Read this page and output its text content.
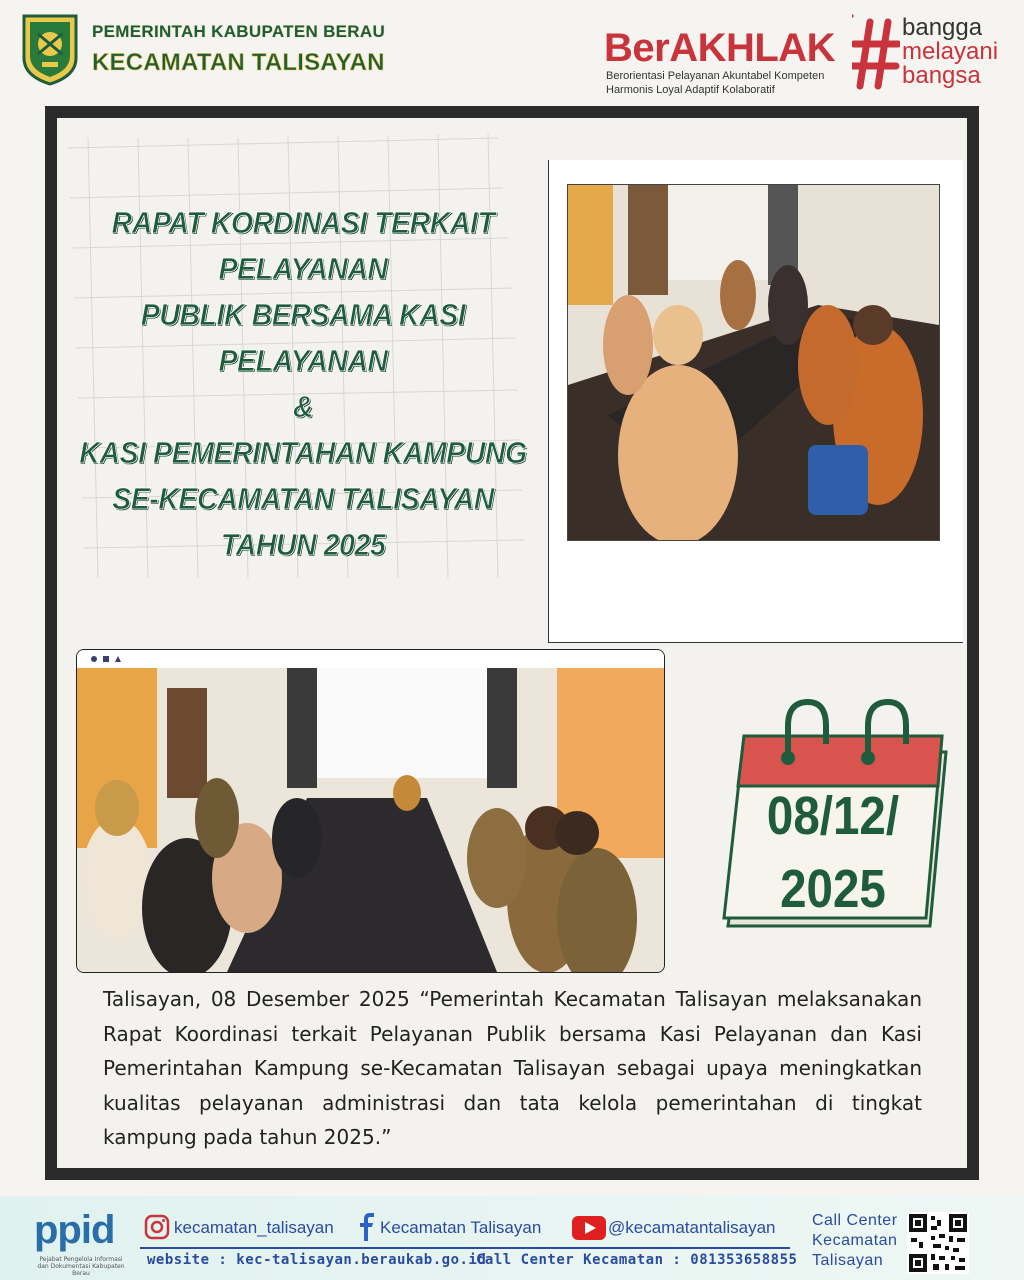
PEMERINTAH KABUPATEN BERAU
KECAMATAN TALISAYAN	BerAKHLAK
Berorientasi Pelayanan Akuntabel Kompeten
Harmonis Loyal Adaptif Kolaboratif
bangga
melayani
bangsa
RAPAT KORDINASI TERKAIT PELAYANAN
PUBLIK BERSAMA KASI PELAYANAN
&
KASI PEMERINTAHAN KAMPUNG
SE-KECAMATAN TALISAYAN
TAHUN 2025
08/12/
2025
Talisayan, 08 Desember 2025 “Pemerintah Kecamatan Talisayan melaksanakan Rapat Koordinasi terkait Pelayanan Publik bersama Kasi Pelayanan dan Kasi Pemerintahan Kampung se-Kecamatan Talisayan sebagai upaya meningkatkan kualitas pelayanan administrasi dan tata kelola pemerintahan di tingkat kampung pada tahun 2025.”
ppid
Pejabat Pengelola Informasi dan Dokumentasi Kabupaten Berau
kecamatan_talisayan	Kecamatan Talisayan	@kecamatantalisayan
website : kec-talisayan.beraukab.go.id
Call Center Kecamatan : 081353658855
Call Center
Kecamatan
Talisayan
